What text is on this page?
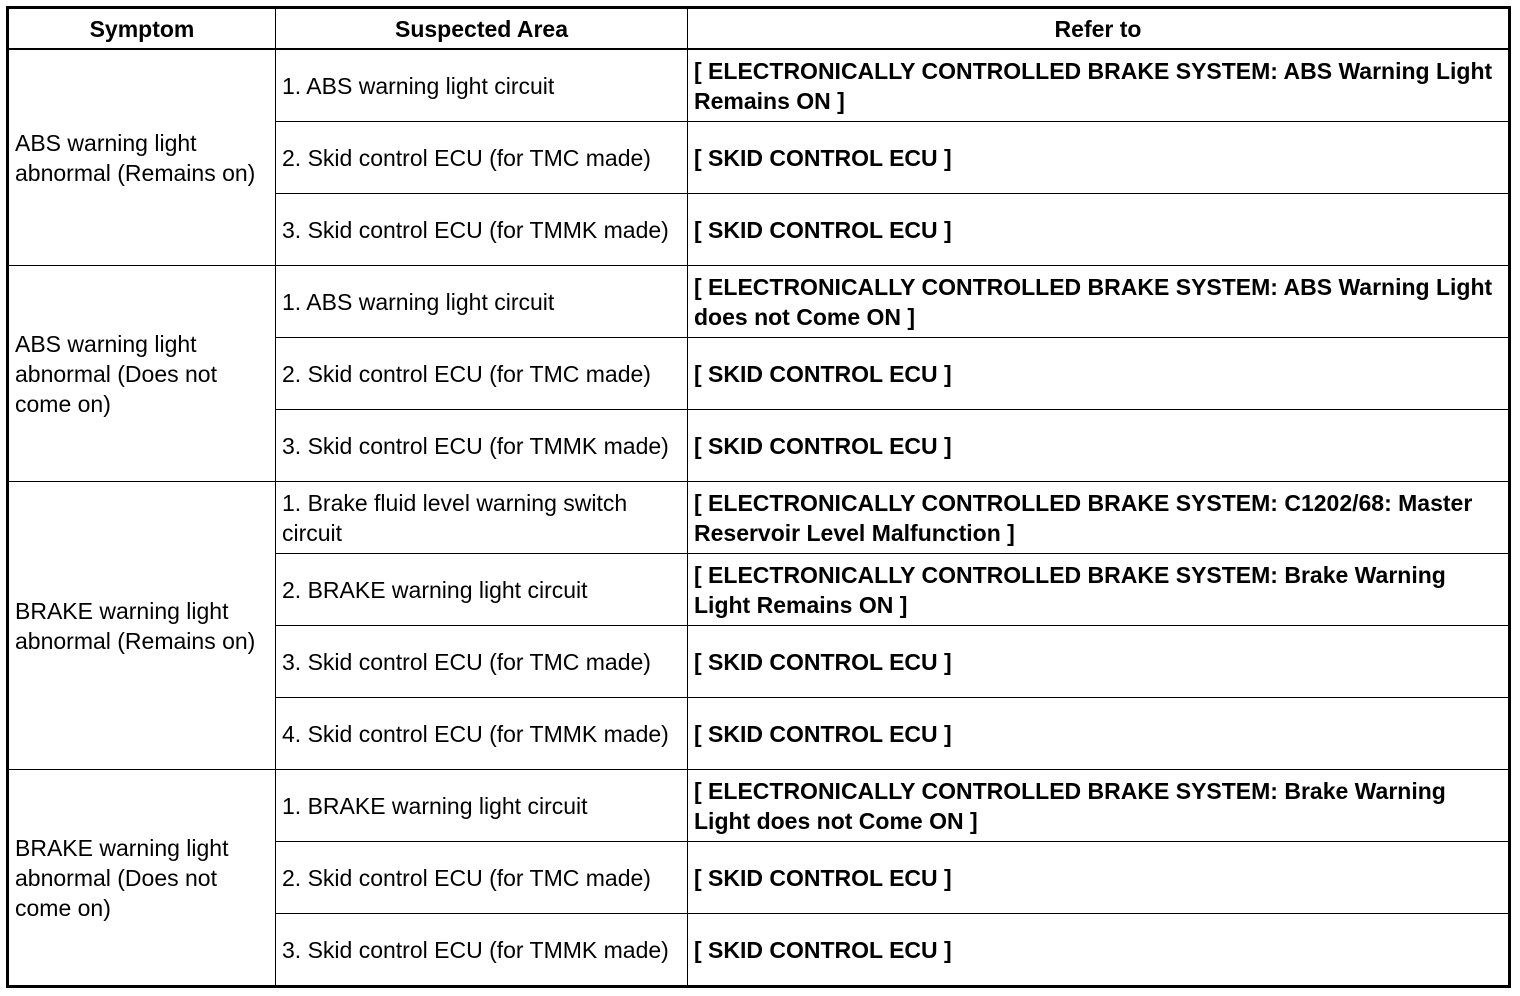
Symptom	Suspected Area	Refer to
ABS warning light abnormal (Remains on)	1. ABS warning light circuit	[ ELECTRONICALLY CONTROLLED BRAKE SYSTEM: ABS Warning Light Remains ON ]
	2. Skid control ECU (for TMC made)	[ SKID CONTROL ECU ]
	3. Skid control ECU (for TMMK made)	[ SKID CONTROL ECU ]
ABS warning light abnormal (Does not come on)	1. ABS warning light circuit	[ ELECTRONICALLY CONTROLLED BRAKE SYSTEM: ABS Warning Light does not Come ON ]
	2. Skid control ECU (for TMC made)	[ SKID CONTROL ECU ]
	3. Skid control ECU (for TMMK made)	[ SKID CONTROL ECU ]
BRAKE warning light abnormal (Remains on)	1. Brake fluid level warning switch circuit	[ ELECTRONICALLY CONTROLLED BRAKE SYSTEM: C1202/68: Master Reservoir Level Malfunction ]
	2. BRAKE warning light circuit	[ ELECTRONICALLY CONTROLLED BRAKE SYSTEM: Brake Warning Light Remains ON ]
	3. Skid control ECU (for TMC made)	[ SKID CONTROL ECU ]
	4. Skid control ECU (for TMMK made)	[ SKID CONTROL ECU ]
BRAKE warning light abnormal (Does not come on)	1. BRAKE warning light circuit	[ ELECTRONICALLY CONTROLLED BRAKE SYSTEM: Brake Warning Light does not Come ON ]
	2. Skid control ECU (for TMC made)	[ SKID CONTROL ECU ]
	3. Skid control ECU (for TMMK made)	[ SKID CONTROL ECU ]
